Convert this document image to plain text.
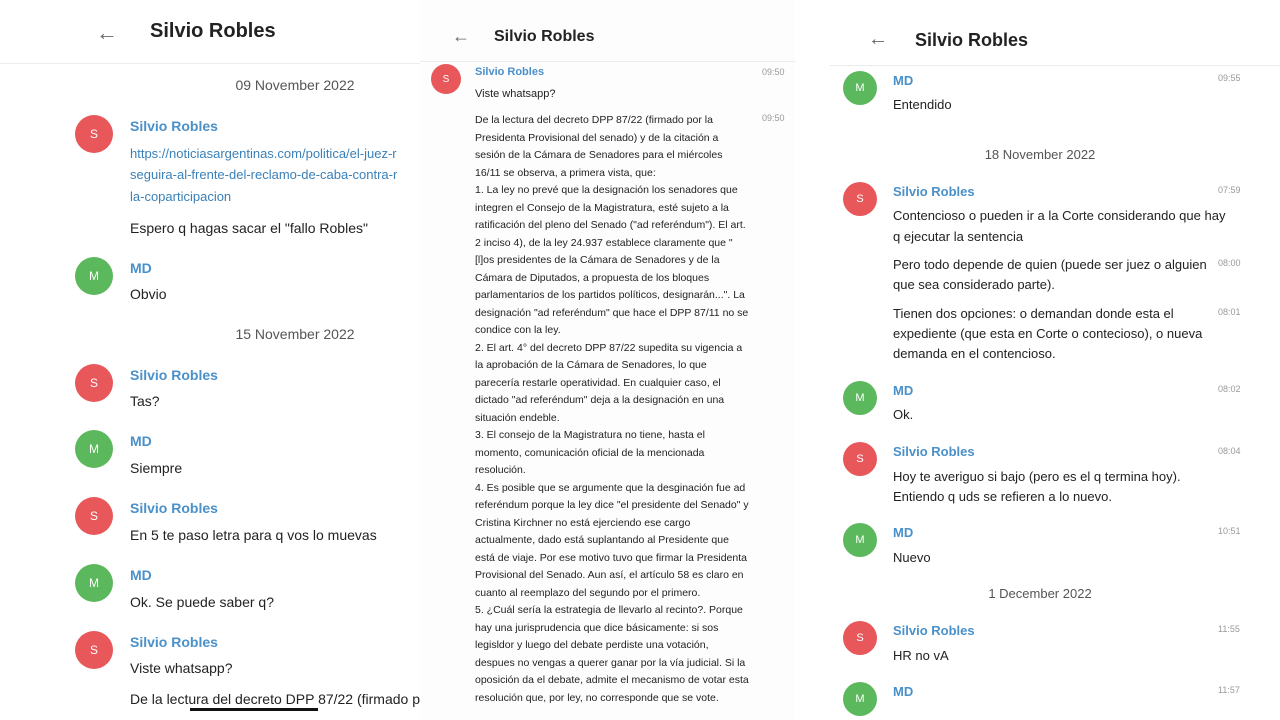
← Silvio Robles
09 November 2022
S	Silvio Robles
https://noticiasargentinas.com/politica/el-juez-r
seguira-al-frente-del-reclamo-de-caba-contra-r
la-coparticipacion
Espero q hagas sacar el "fallo Robles"
M	MD
Obvio
15 November 2022
S	Silvio Robles
Tas?
M	MD
Siempre
S	Silvio Robles
En 5 te paso letra para q vos lo muevas
M	MD
Ok. Se puede saber q?
S	Silvio Robles
Viste whatsapp?
De la lectura del decreto DPP 87/22 (firmado p
← Silvio Robles
S
Silvio Robles	09:50
Viste whatsapp?
09:50
De la lectura del decreto DPP 87/22 (firmado por la
Presidenta Provisional del senado) y de la citación a
sesión de la Cámara de Senadores para el miércoles
16/11 se observa, a primera vista, que:
1. La ley no prevé que la designación los senadores que
integren el Consejo de la Magistratura, esté sujeto a la
ratificación del pleno del Senado ("ad referéndum"). El art.
2 inciso 4), de la ley 24.937 establece claramente que "
[l]os presidentes de la Cámara de Senadores y de la
Cámara de Diputados, a propuesta de los bloques
parlamentarios de los partidos políticos, designarán...". La
designación "ad referéndum" que hace el DPP 87/11 no se
condice con la ley.
2. El art. 4° del decreto DPP 87/22 supedita su vigencia a
la aprobación de la Cámara de Senadores, lo que
parecería restarle operatividad. En cualquier caso, el
dictado "ad referéndum" deja a la designación en una
situación endeble.
3. El consejo de la Magistratura no tiene, hasta el
momento, comunicación oficial de la mencionada
resolución.
4. Es posible que se argumente que la desginación fue ad
referéndum porque la ley dice "el presidente del Senado" y
Cristina Kirchner no está ejerciendo ese cargo
actualmente, dado está suplantando al Presidente que
está de viaje. Por ese motivo tuvo que firmar la Presidenta
Provisional del Senado. Aun así, el artículo 58 es claro en
cuanto al reemplazo del segundo por el primero.
5. ¿Cuál sería la estrategia de llevarlo al recinto?. Porque
hay una jurisprudencia que dice básicamente: si sos
legisldor y luego del debate perdiste una votación,
despues no vengas a querer ganar por la vía judicial. Si la
oposición da el debate, admite el mecanismo de votar esta
resolución que, por ley, no corresponde que se vote.
← Silvio Robles
M	MD	09:55
Entendido
18 November 2022
S	Silvio Robles	07:59
Contencioso o pueden ir a la Corte considerando que hay
q ejecutar la sentencia
08:00
Pero todo depende de quien (puede ser juez o alguien
que sea considerado parte).
08:01
Tienen dos opciones: o demandan donde esta el
expediente (que esta en Corte o contecioso), o nueva
demanda en el contencioso.
M	MD	08:02
Ok.
S	Silvio Robles	08:04
Hoy te averiguo si bajo (pero es el q termina hoy).
Entiendo q uds se refieren a lo nuevo.
M	MD	10:51
Nuevo
1 December 2022
S	Silvio Robles	11:55
HR no vA
M	MD	11:57
